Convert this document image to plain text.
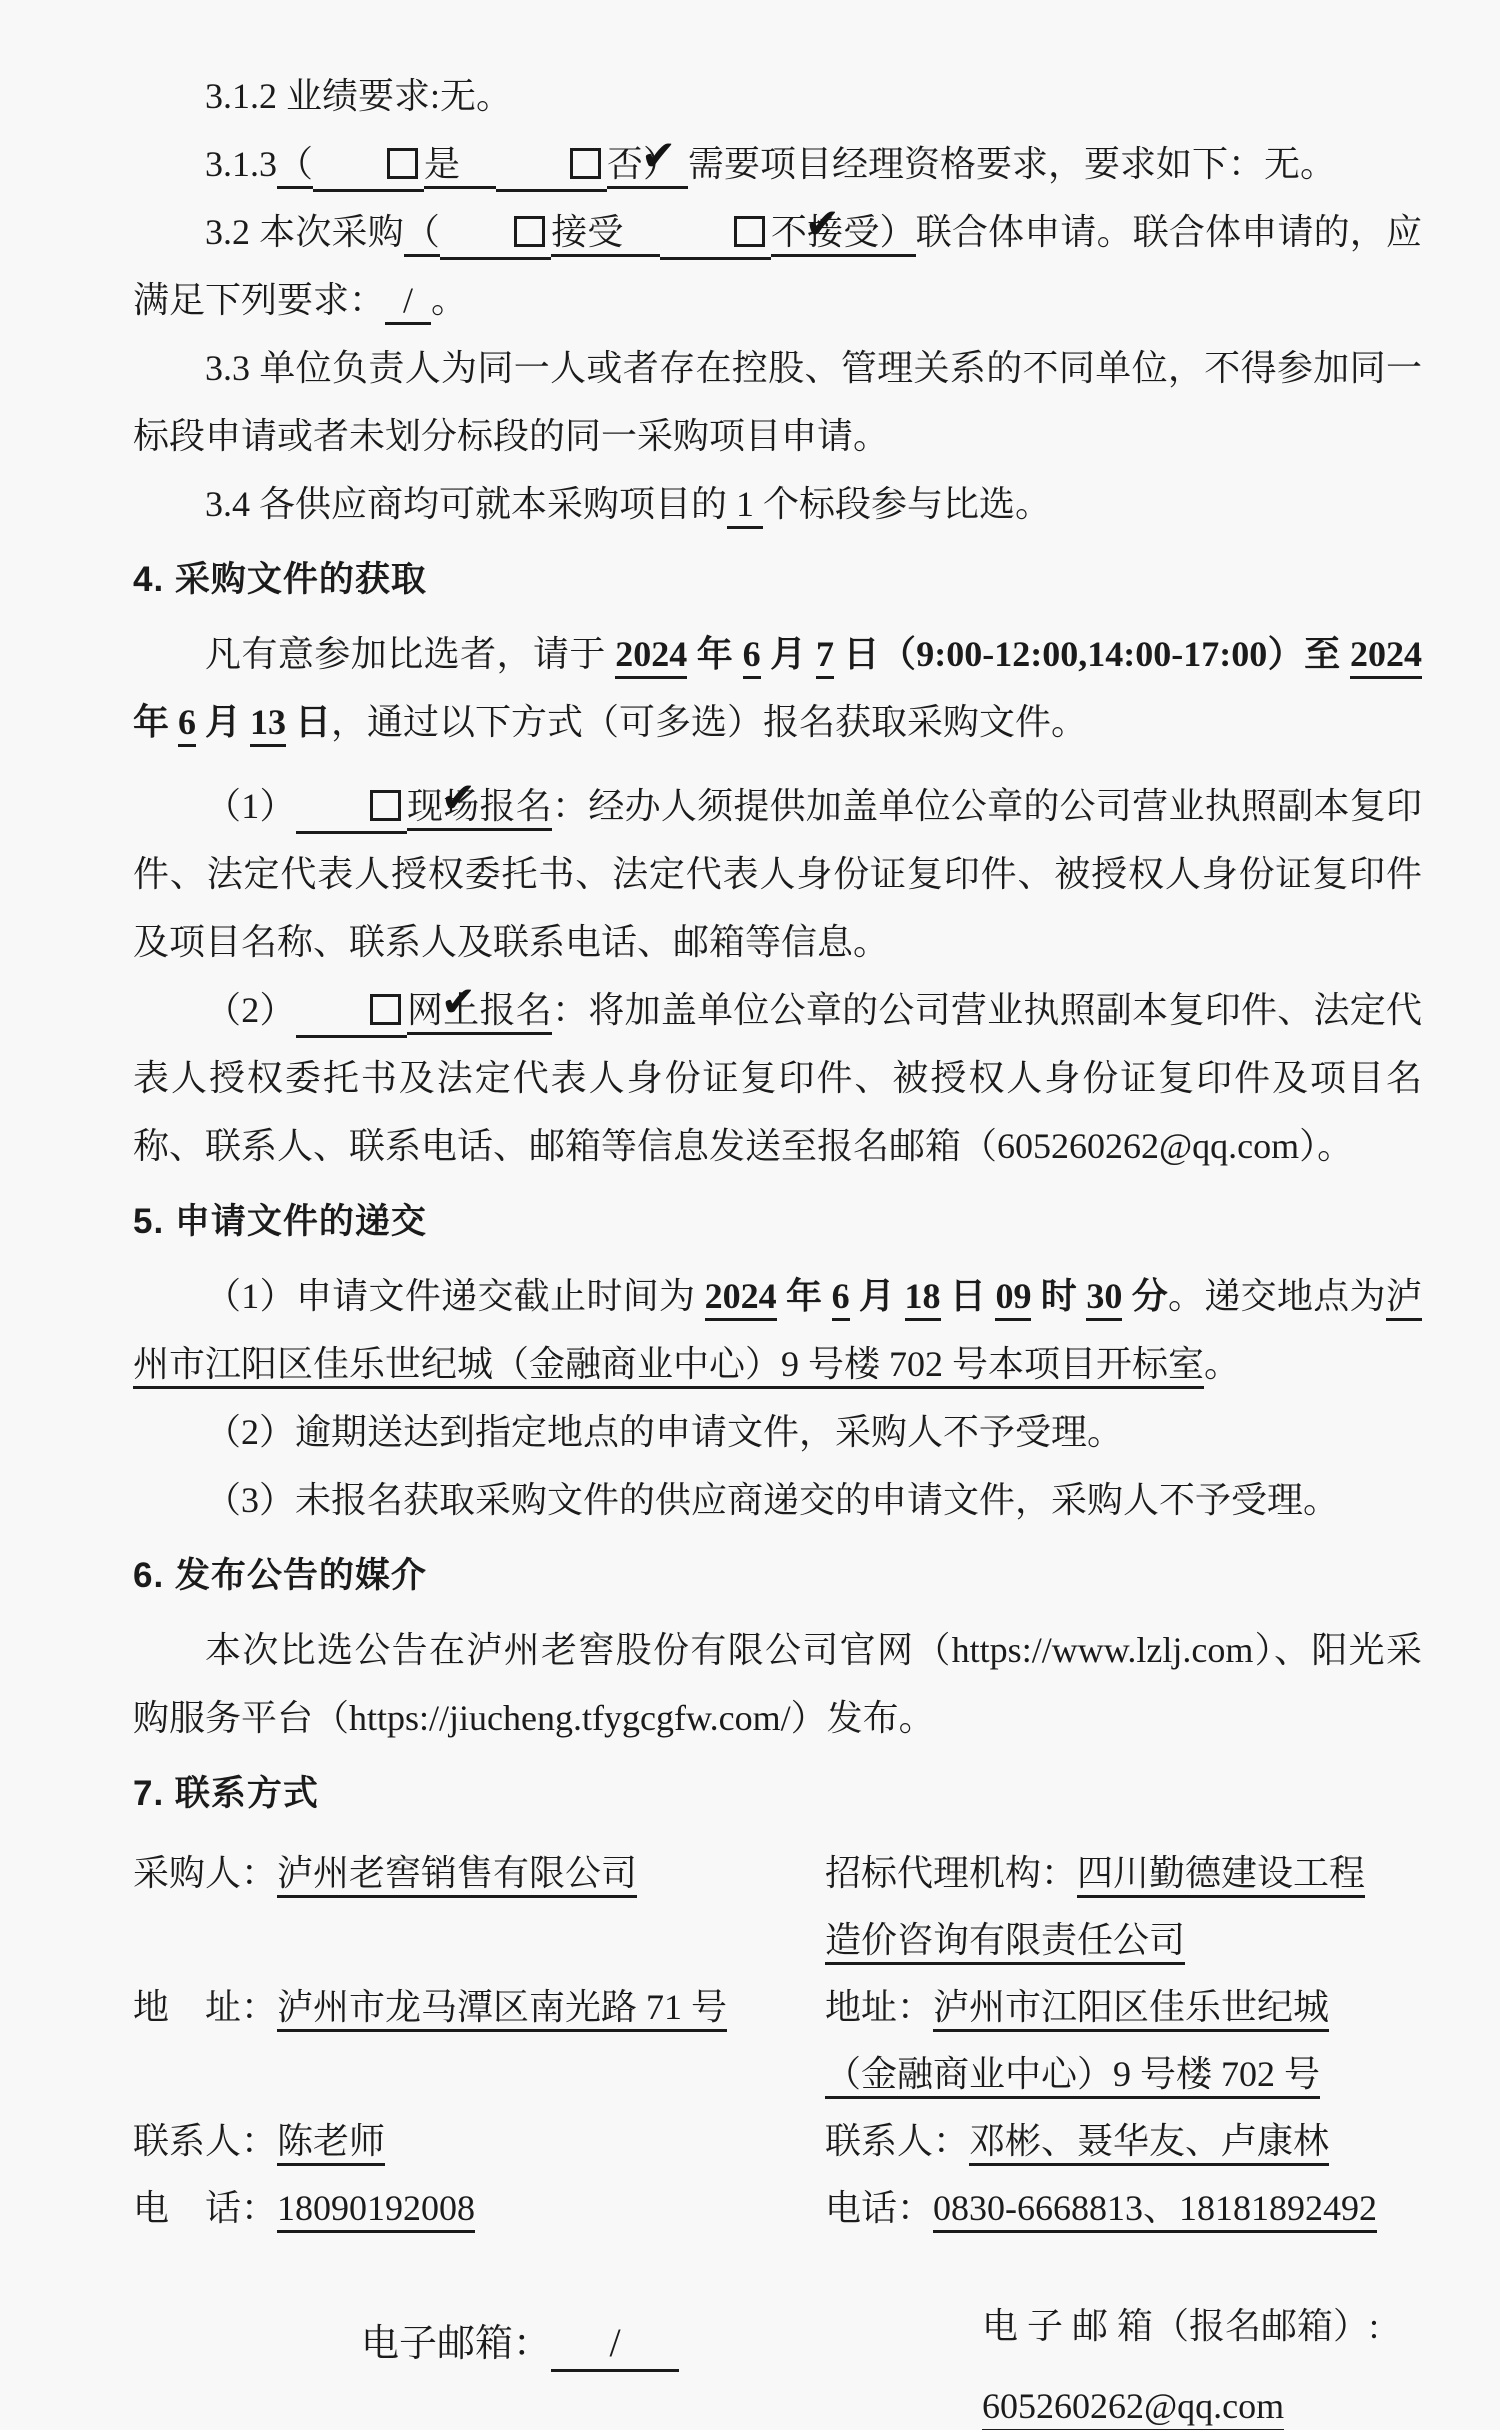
3.1.2 业绩要求:无。
3.1.3（	是　 ✔	否） 需要项目经理资格要求，要求如下：无。
3.2 本次采购（	接受　 ✔	不接受）联合体申请。联合体申请的，应满足下列要求：  /  。
3.3 单位负责人为同一人或者存在控股、管理关系的不同单位，不得参加同一标段申请或者未划分标段的同一采购项目申请。
3.4 各供应商均可就本采购项目的 1 个标段参与比选。
4. 采购文件的获取
凡有意参加比选者，请于 2024 年 6 月 7 日（9:00-12:00,14:00-17:00）至 2024 年 6 月 13 日，通过以下方式（可多选）报名获取采购文件。
（1） ✔	现场报名：经办人须提供加盖单位公章的公司营业执照副本复印件、法定代表人授权委托书、法定代表人身份证复印件、被授权人身份证复印件及项目名称、联系人及联系电话、邮箱等信息。
（2） ✔	网上报名：将加盖单位公章的公司营业执照副本复印件、法定代表人授权委托书及法定代表人身份证复印件、被授权人身份证复印件及项目名称、联系人、联系电话、邮箱等信息发送至报名邮箱（605260262@qq.com）。
5. 申请文件的递交
（1）申请文件递交截止时间为 2024 年 6 月 18 日 09 时 30 分。递交地点为泸州市江阳区佳乐世纪城（金融商业中心）9 号楼 702 号本项目开标室。
（2）逾期送达到指定地点的申请文件，采购人不予受理。
（3）未报名获取采购文件的供应商递交的申请文件，采购人不予受理。
6. 发布公告的媒介
本次比选公告在泸州老窖股份有限公司官网（https://www.lzlj.com）、阳光采购服务平台（https://jiucheng.tfygcgfw.com/）发布。
7. 联系方式
采购人：泸州老窖销售有限公司	招标代理机构：四川勤德建设工程造价咨询有限责任公司
地　址：泸州市龙马潭区南光路 71 号	地址：泸州市江阳区佳乐世纪城（金融商业中心）9 号楼 702 号
联系人：陈老师	联系人：邓彬、聂华友、卢康林
电　话：18090192008	电话：0830-6668813、18181892492
电子邮箱： /	电 子 邮 箱（报名邮箱）:
605260262@qq.com
